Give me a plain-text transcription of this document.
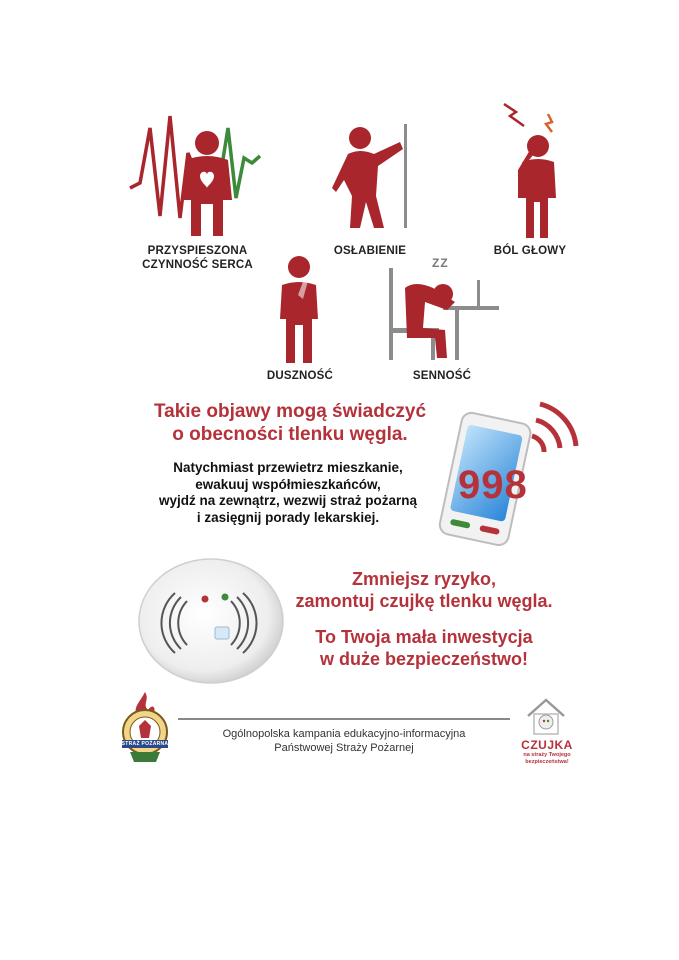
ZZ
PRZYSPIESZONA
CZYNNOŚĆ SERCA
OSŁABIENIE	BÓL GŁOWY
DUSZNOŚĆ	SENNOŚĆ
Takie objawy mogą świadczyć
o obecności tlenku węgla.
Natychmiast przewietrz mieszkanie,
ewakuuj współmieszkańców,
wyjdź na zewnątrz, wezwij straż pożarną
i zasięgnij porady lekarskiej.
998
Zmniejsz ryzyko,
zamontuj czujkę tlenku węgla.
To Twoja mała inwestycja
w duże bezpieczeństwo!
STRAŻ POŻARNA
Ogólnopolska kampania edukacyjno-informacyjna
Państwowej Straży Pożarnej	CZUJKA
na straży Twojego
bezpieczeństwa!
